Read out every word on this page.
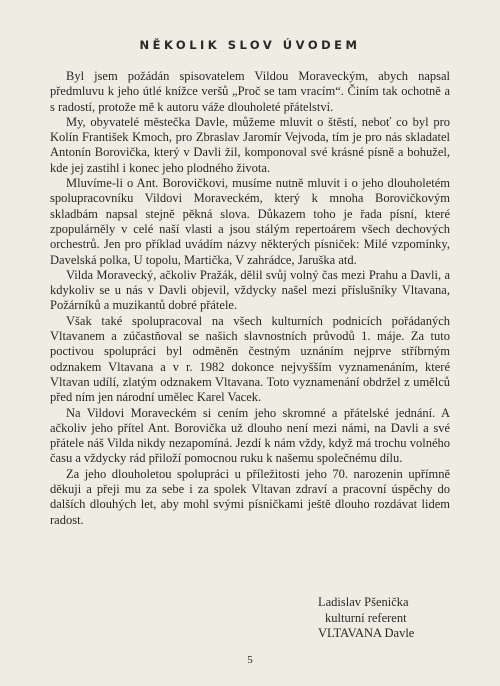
NĚKOLIK SLOV ÚVODEM

Byl jsem požádán spisovatelem Vildou Moraveckým, abych napsal předmluvu k jeho útlé knížce veršů „Proč se tam vracím“. Činím tak ochotně a s radostí, protože mě k autoru váže dlouholeté přátelství.

My, obyvatelé městečka Davle, můžeme mluvit o štěstí, neboť co byl pro Kolín František Kmoch, pro Zbraslav Jaromír Vejvoda, tím je pro nás skladatel Antonín Borovička, který v Davli žil, komponoval své krásné písně a bohužel, kde jej zastihl i konec jeho plodného života.

Mluvíme-li o Ant. Borovičkovi, musíme nutně mluvit i o jeho dlouholetém spolupracovníku Vildovi Moraveckém, který k mnoha Borovičkovým skladbám napsal stejně pěkná slova. Důkazem toho je řada písní, které zpopulárněly v celé naší vlasti a jsou stálým repertoárem všech dechových orchestrů. Jen pro příklad uvádím názvy některých písniček: Milé vzpomínky, Davelská polka, U topolu, Martička, V zahrádce, Jaruška atd.

Vilda Moravecký, ačkoliv Pražák, dělil svůj volný čas mezi Prahu a Davli, a kdykoliv se u nás v Davli objevil, vždycky našel mezi příslušníky Vltavana, Požárníků a muzikantů dobré přátele.

Však také spolupracoval na všech kulturních podnicích pořádaných Vltavanem a zúčastňoval se našich slavnostních průvodů 1. máje. Za tuto poctivou spolupráci byl odměněn čestným uznáním nejprve stříbrným odznakem Vltavana a v r. 1982 dokonce nejvyšším vyznamenáním, které Vltavan udílí, zlatým odznakem Vltavana. Toto vyznamenání obdržel z umělců před ním jen národní umělec Karel Vacek.

Na Vildovi Moraveckém si cením jeho skromné a přátelské jednání. A ačkoliv jeho přítel Ant. Borovička už dlouho není mezi námi, na Davli a své přátele náš Vilda nikdy nezapomíná. Jezdí k nám vždy, když má trochu volného času a vždycky rád přiloží pomocnou ruku k našemu společnému dílu.

Za jeho dlouholetou spolupráci u příležitosti jeho 70. narozenin upřímně děkuji a přeji mu za sebe i za spolek Vltavan zdraví a pracovní úspěchy do dalších dlouhých let, aby mohl svými písničkami ještě dlouho rozdávat lidem radost.

Ladislav Pšenička
kulturní referent
VLTAVANA Davle
5
